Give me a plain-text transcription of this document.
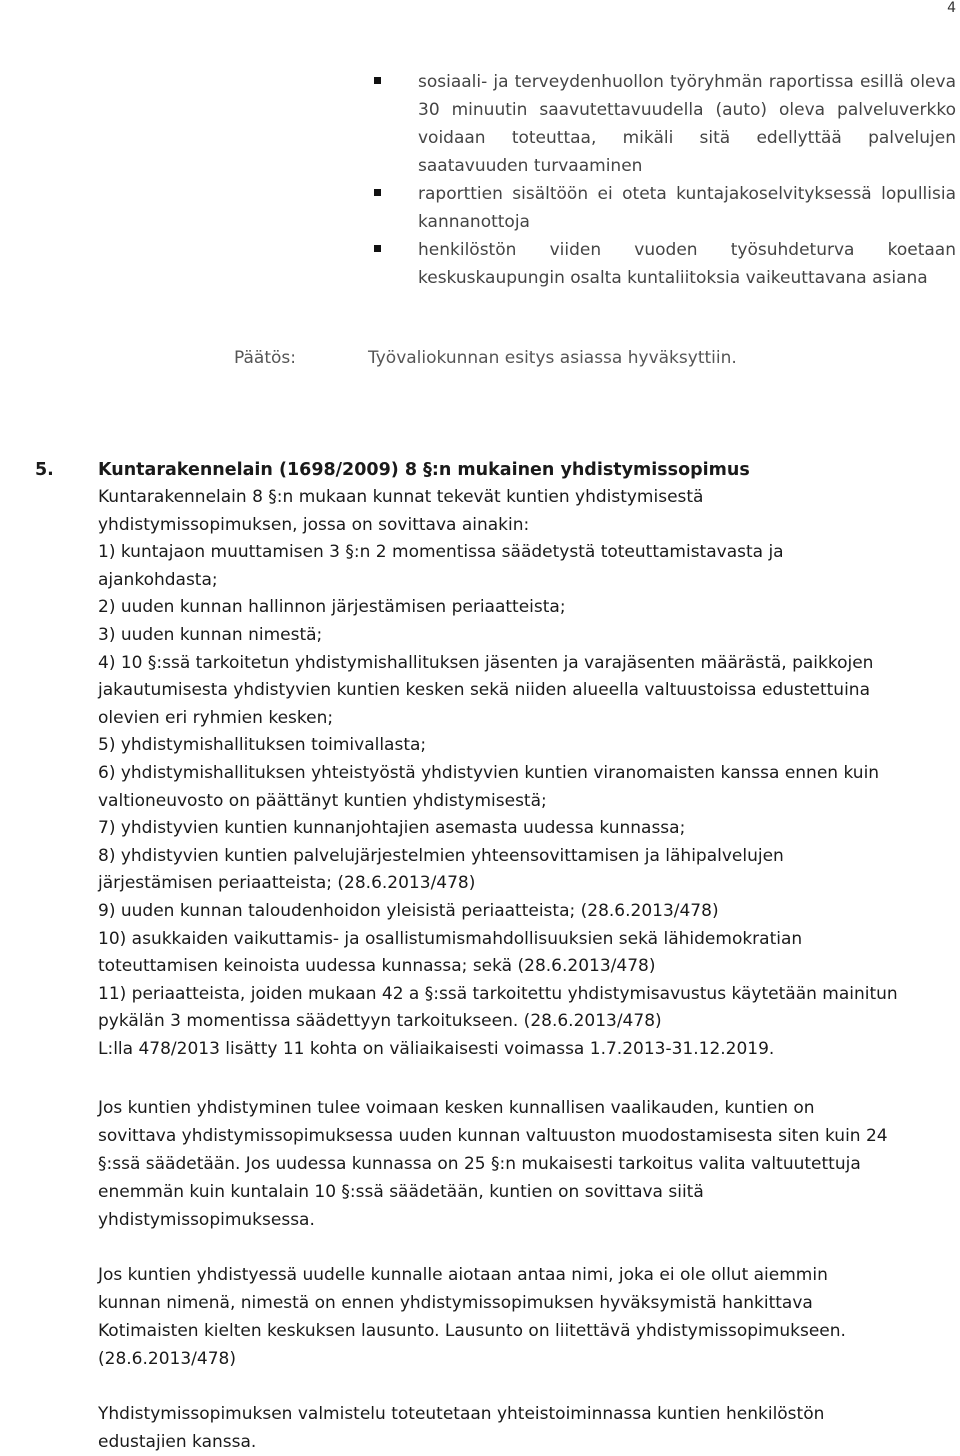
4
sosiaali- ja terveydenhuollon työryhmän raportissa esillä oleva 30 minuutin saavutettavuudella (auto) oleva palveluverkko voidaan toteuttaa, mikäli sitä edellyttää palvelujen saatavuuden turvaaminen
raporttien sisältöön ei oteta kuntajakoselvityksessä lopullisia kannanottoja
henkilöstön viiden vuoden työsuhdeturva koetaan keskuskaupungin osalta kuntaliitoksia vaikeuttavana asiana
Päätös:	Työvaliokunnan esitys asiassa hyväksyttiin.
5.	Kuntarakennelain (1698/2009) 8 §:n mukainen yhdistymissopimus
Kuntarakennelain 8 §:n mukaan kunnat tekevät kuntien yhdistymisestä
yhdistymissopimuksen, jossa on sovittava ainakin:
1) kuntajaon muuttamisen 3 §:n 2 momentissa säädetystä toteuttamistavasta ja
ajankohdasta;
2) uuden kunnan hallinnon järjestämisen periaatteista;
3) uuden kunnan nimestä;
4) 10 §:ssä tarkoitetun yhdistymishallituksen jäsenten ja varajäsenten määrästä, paikkojen
jakautumisesta yhdistyvien kuntien kesken sekä niiden alueella valtuustoissa edustettuina
olevien eri ryhmien kesken;
5) yhdistymishallituksen toimivallasta;
6) yhdistymishallituksen yhteistyöstä yhdistyvien kuntien viranomaisten kanssa ennen kuin
valtioneuvosto on päättänyt kuntien yhdistymisestä;
7) yhdistyvien kuntien kunnanjohtajien asemasta uudessa kunnassa;
8) yhdistyvien kuntien palvelujärjestelmien yhteensovittamisen ja lähipalvelujen
järjestämisen periaatteista; (28.6.2013/478)
9) uuden kunnan taloudenhoidon yleisistä periaatteista; (28.6.2013/478)
10) asukkaiden vaikuttamis- ja osallistumismahdollisuuksien sekä lähidemokratian
toteuttamisen keinoista uudessa kunnassa; sekä (28.6.2013/478)
11) periaatteista, joiden mukaan 42 a §:ssä tarkoitettu yhdistymisavustus käytetään mainitun
pykälän 3 momentissa säädettyyn tarkoitukseen. (28.6.2013/478)
L:lla 478/2013 lisätty 11 kohta on väliaikaisesti voimassa 1.7.2013-31.12.2019.
Jos kuntien yhdistyminen tulee voimaan kesken kunnallisen vaalikauden, kuntien on
sovittava yhdistymissopimuksessa uuden kunnan valtuuston muodostamisesta siten kuin 24
§:ssä säädetään. Jos uudessa kunnassa on 25 §:n mukaisesti tarkoitus valita valtuutettuja
enemmän kuin kuntalain 10 §:ssä säädetään, kuntien on sovittava siitä
yhdistymissopimuksessa.
Jos kuntien yhdistyessä uudelle kunnalle aiotaan antaa nimi, joka ei ole ollut aiemmin
kunnan nimenä, nimestä on ennen yhdistymissopimuksen hyväksymistä hankittava
Kotimaisten kielten keskuksen lausunto. Lausunto on liitettävä yhdistymissopimukseen.
(28.6.2013/478)
Yhdistymissopimuksen valmistelu toteutetaan yhteistoiminnassa kuntien henkilöstön
edustajien kanssa.
